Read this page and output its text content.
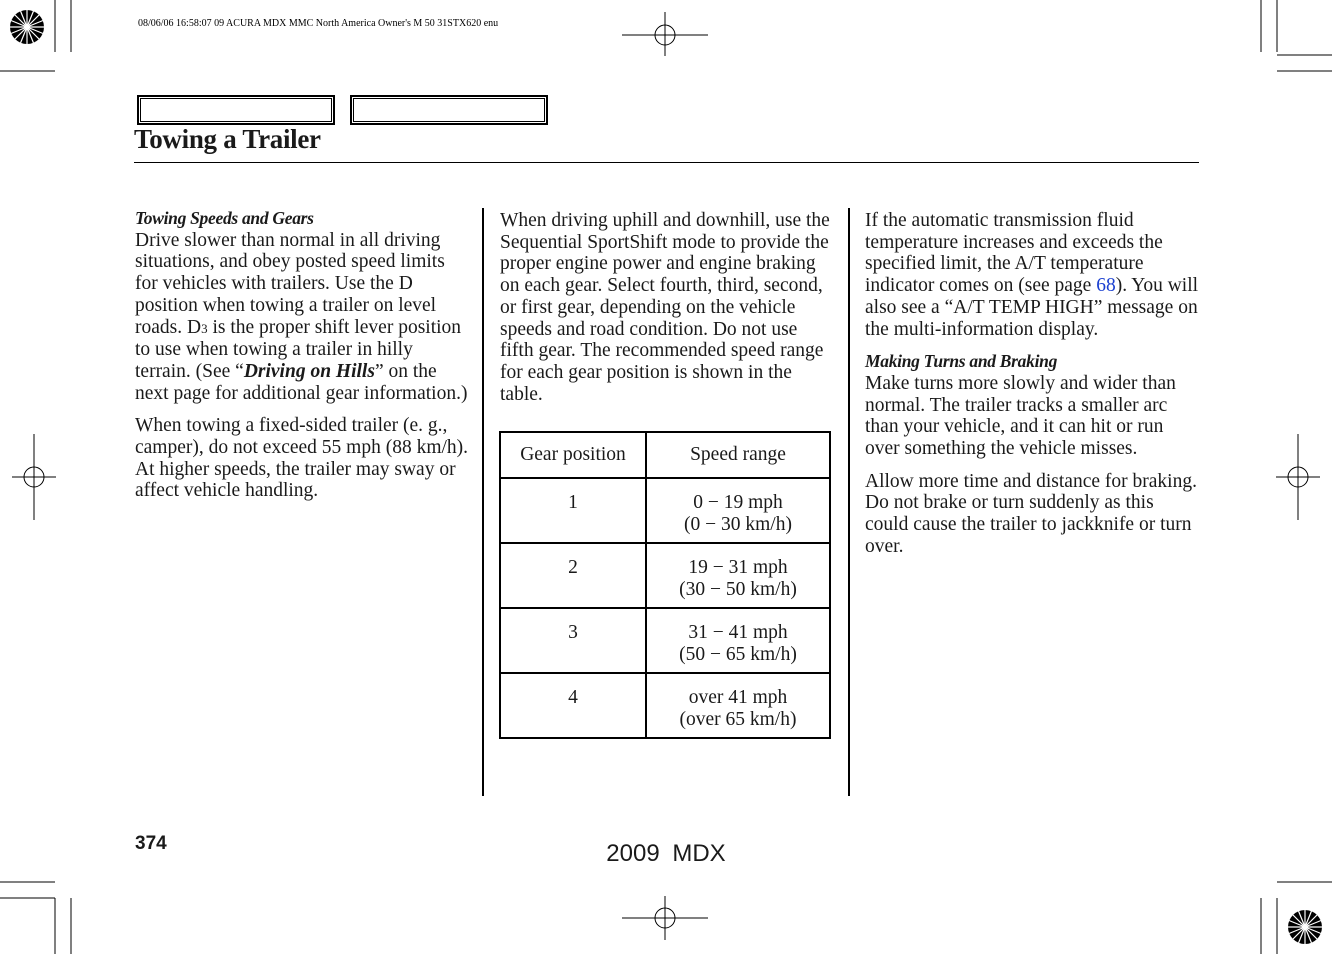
08/06/06 16:58:07 09 ACURA MDX MMC North America Owner's M 50 31STX620 enu
Towing a Trailer

Towing Speeds and Gears

Drive slower than normal in all driving situations, and obey posted speed limits for vehicles with trailers. Use the D position when towing a trailer on level roads. D3 is the proper shift lever position to use when towing a trailer in hilly terrain. (See “Driving on Hills” on the next page for additional gear information.)

When towing a fixed-sided trailer (e. g., camper), do not exceed 55 mph (88 km/h). At higher speeds, the trailer may sway or affect vehicle handling.

When driving uphill and downhill, use the Sequential SportShift mode to provide the proper engine power and engine braking on each gear. Select fourth, third, second, or first gear, depending on the vehicle speeds and road condition. Do not use fifth gear. The recommended speed range for each gear position is shown in the table.

Gear position	Speed range
1	0 − 19 mph
(0 − 30 km/h)

2	19 − 31 mph
(30 − 50 km/h)

3	31 − 41 mph
(50 − 65 km/h)

4	over 41 mph
(over 65 km/h)

If the automatic transmission fluid temperature increases and exceeds the specified limit, the A/T temperature indicator comes on (see page 68). You will also see a “A/T TEMP HIGH” message on the multi-information display.

Making Turns and Braking

Make turns more slowly and wider than normal. The trailer tracks a smaller arc than your vehicle, and it can hit or run over something the vehicle misses.

Allow more time and distance for braking. Do not brake or turn suddenly as this could cause the trailer to jackknife or turn over.

374	2009 MDX
